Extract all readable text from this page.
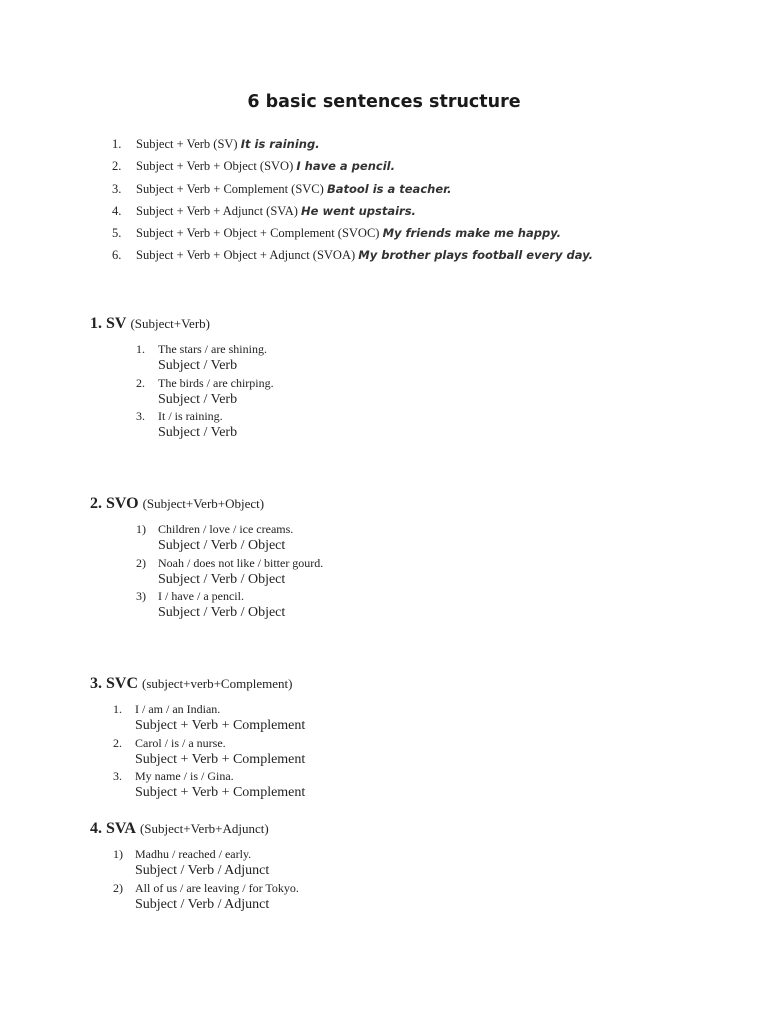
6 basic sentences structure
1. Subject + Verb (SV) It is raining.
2. Subject + Verb + Object (SVO) I have a pencil.
3. Subject + Verb + Complement (SVC) Batool is a teacher.
4. Subject + Verb + Adjunct (SVA) He went upstairs.
5. Subject + Verb + Object + Complement (SVOC) My friends make me happy.
6. Subject + Verb + Object + Adjunct (SVOA) My brother plays football every day.
1. SV (Subject+Verb)
1. The stars / are shining.
Subject / Verb
2. The birds / are chirping.
Subject / Verb
3. It / is raining.
Subject / Verb
2. SVO (Subject+Verb+Object)
1) Children / love / ice creams.
Subject / Verb / Object
2) Noah / does not like / bitter gourd.
Subject / Verb / Object
3) I / have / a pencil.
Subject / Verb / Object
3. SVC (subject+verb+Complement)
1. I / am / an Indian.
Subject + Verb + Complement
2. Carol / is / a nurse.
Subject + Verb + Complement
3. My name / is / Gina.
Subject + Verb + Complement
4. SVA (Subject+Verb+Adjunct)
1) Madhu / reached / early.
Subject / Verb / Adjunct
2) All of us / are leaving / for Tokyo.
Subject / Verb / Adjunct
